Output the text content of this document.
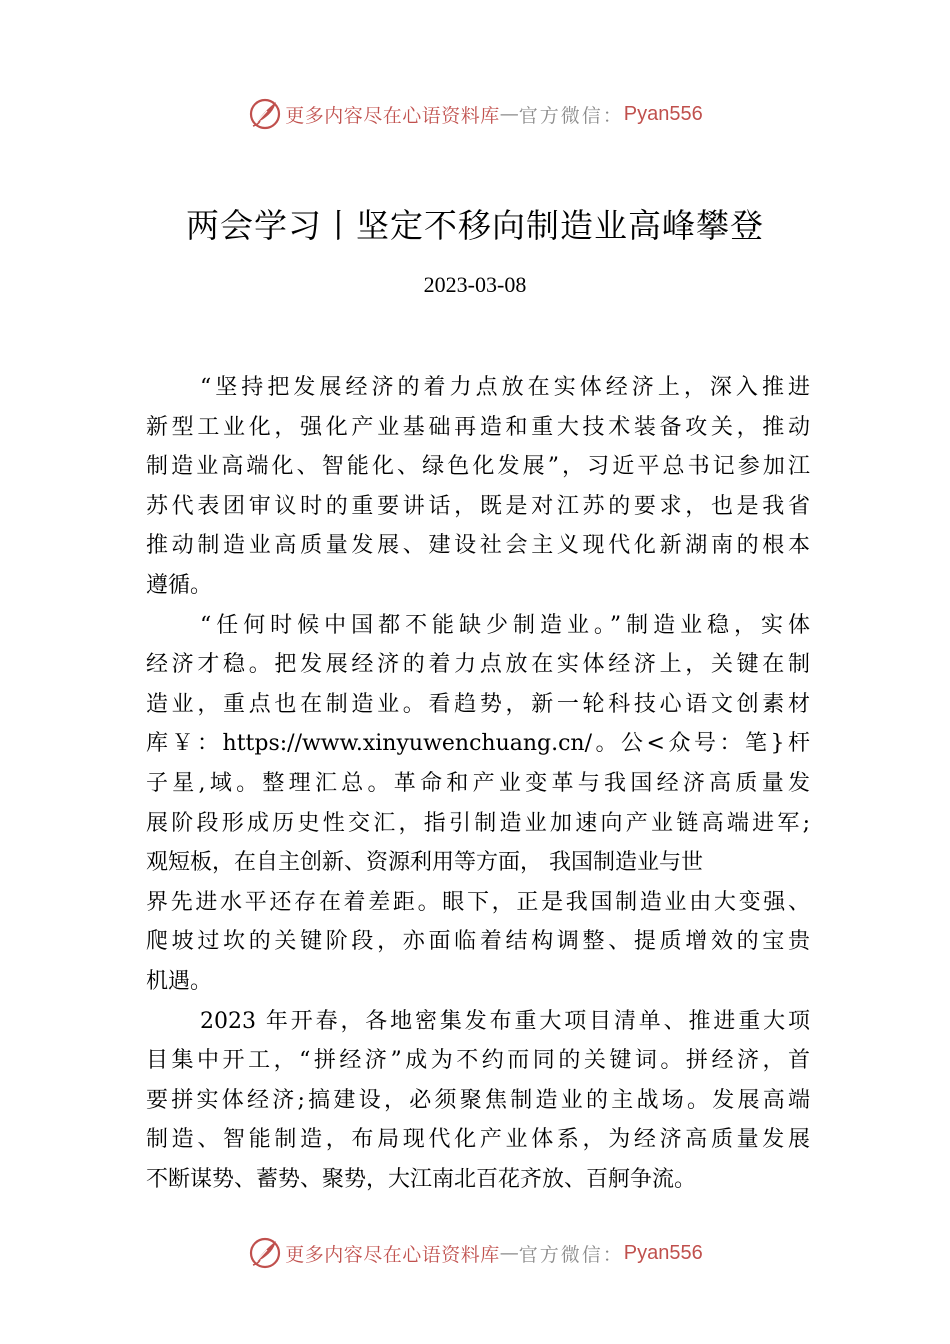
更多内容尽在心语资料库 — 官方微信： Pyan556
两会学习丨坚定不移向制造业高峰攀登
2023-03-08

“坚持把发展经济的着力点放在实体经济上，深入推进
新型工业化，强化产业基础再造和重大技术装备攻关，推动
制造业高端化、智能化、绿色化发展”，习近平总书记参加江
苏代表团审议时的重要讲话，既是对江苏的要求，也是我省
推动制造业高质量发展、建设社会主义现代化新湖南的根本
遵循。

“任何时候中国都不能缺少制造业。”制造业稳，实体
经济才稳。把发展经济的着力点放在实体经济上，关键在制
造业，重点也在制造业。看趋势，新一轮科技心语文创素材
库￥：https://www.xinyuwenchuang.cn/。公<众号：笔}杆
子星,域。整理汇总。革命和产业变革与我国经济高质量发
展阶段形成历史性交汇，指引制造业加速向产业链高端进军;
观短板，在自主创新、资源利用等方面， 我国制造业与世
界先进水平还存在着差距。眼下，正是我国制造业由大变强、
爬坡过坎的关键阶段，亦面临着结构调整、提质增效的宝贵
机遇。

2023 年开春，各地密集发布重大项目清单、推进重大项
目集中开工，“拼经济”成为不约而同的关键词。拼经济，首
要拼实体经济;搞建设，必须聚焦制造业的主战场。发展高端
制造、智能制造，布局现代化产业体系，为经济高质量发展
不断谋势、蓄势、聚势，大江南北百花齐放、百舸争流。

更多内容尽在心语资料库 — 官方微信： Pyan556
